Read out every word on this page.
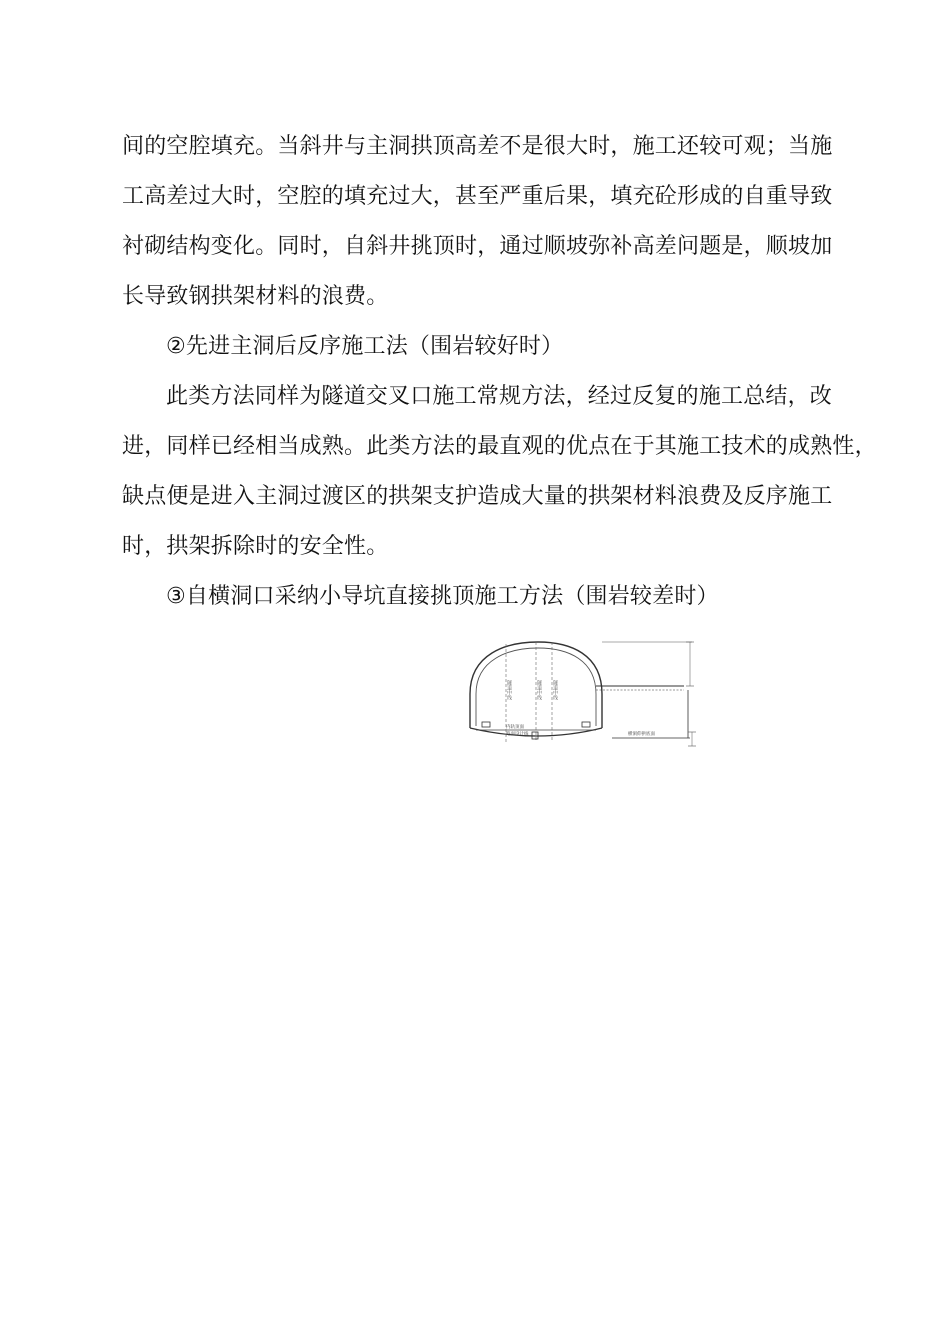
间的空腔填充。当斜井与主洞拱顶高差不是很大时，施工还较可观；当施
工高差过大时，空腔的填充过大，甚至严重后果，填充砼形成的自重导致
衬砌结构变化。同时，自斜井挑顶时，通过顺坡弥补高差问题是，顺坡加
长导致钢拱架材料的浪费。
②先进主洞后反序施工法（围岩较好时）
此类方法同样为隧道交叉口施工常规方法，经过反复的施工总结，改
进，同样已经相当成熟。此类方法的最直观的优点在于其施工技术的成熟性，
缺点便是进入主洞过渡区的拱架支护造成大量的拱架材料浪费及反序施工
时，拱架拆除时的安全性。
③自横洞口采纳小导坑直接挑顶施工方法（围岩较差时）
隧道中线	隧道中线 隧道中线
内轨顶面
路面设计线	横洞仰拱底面
